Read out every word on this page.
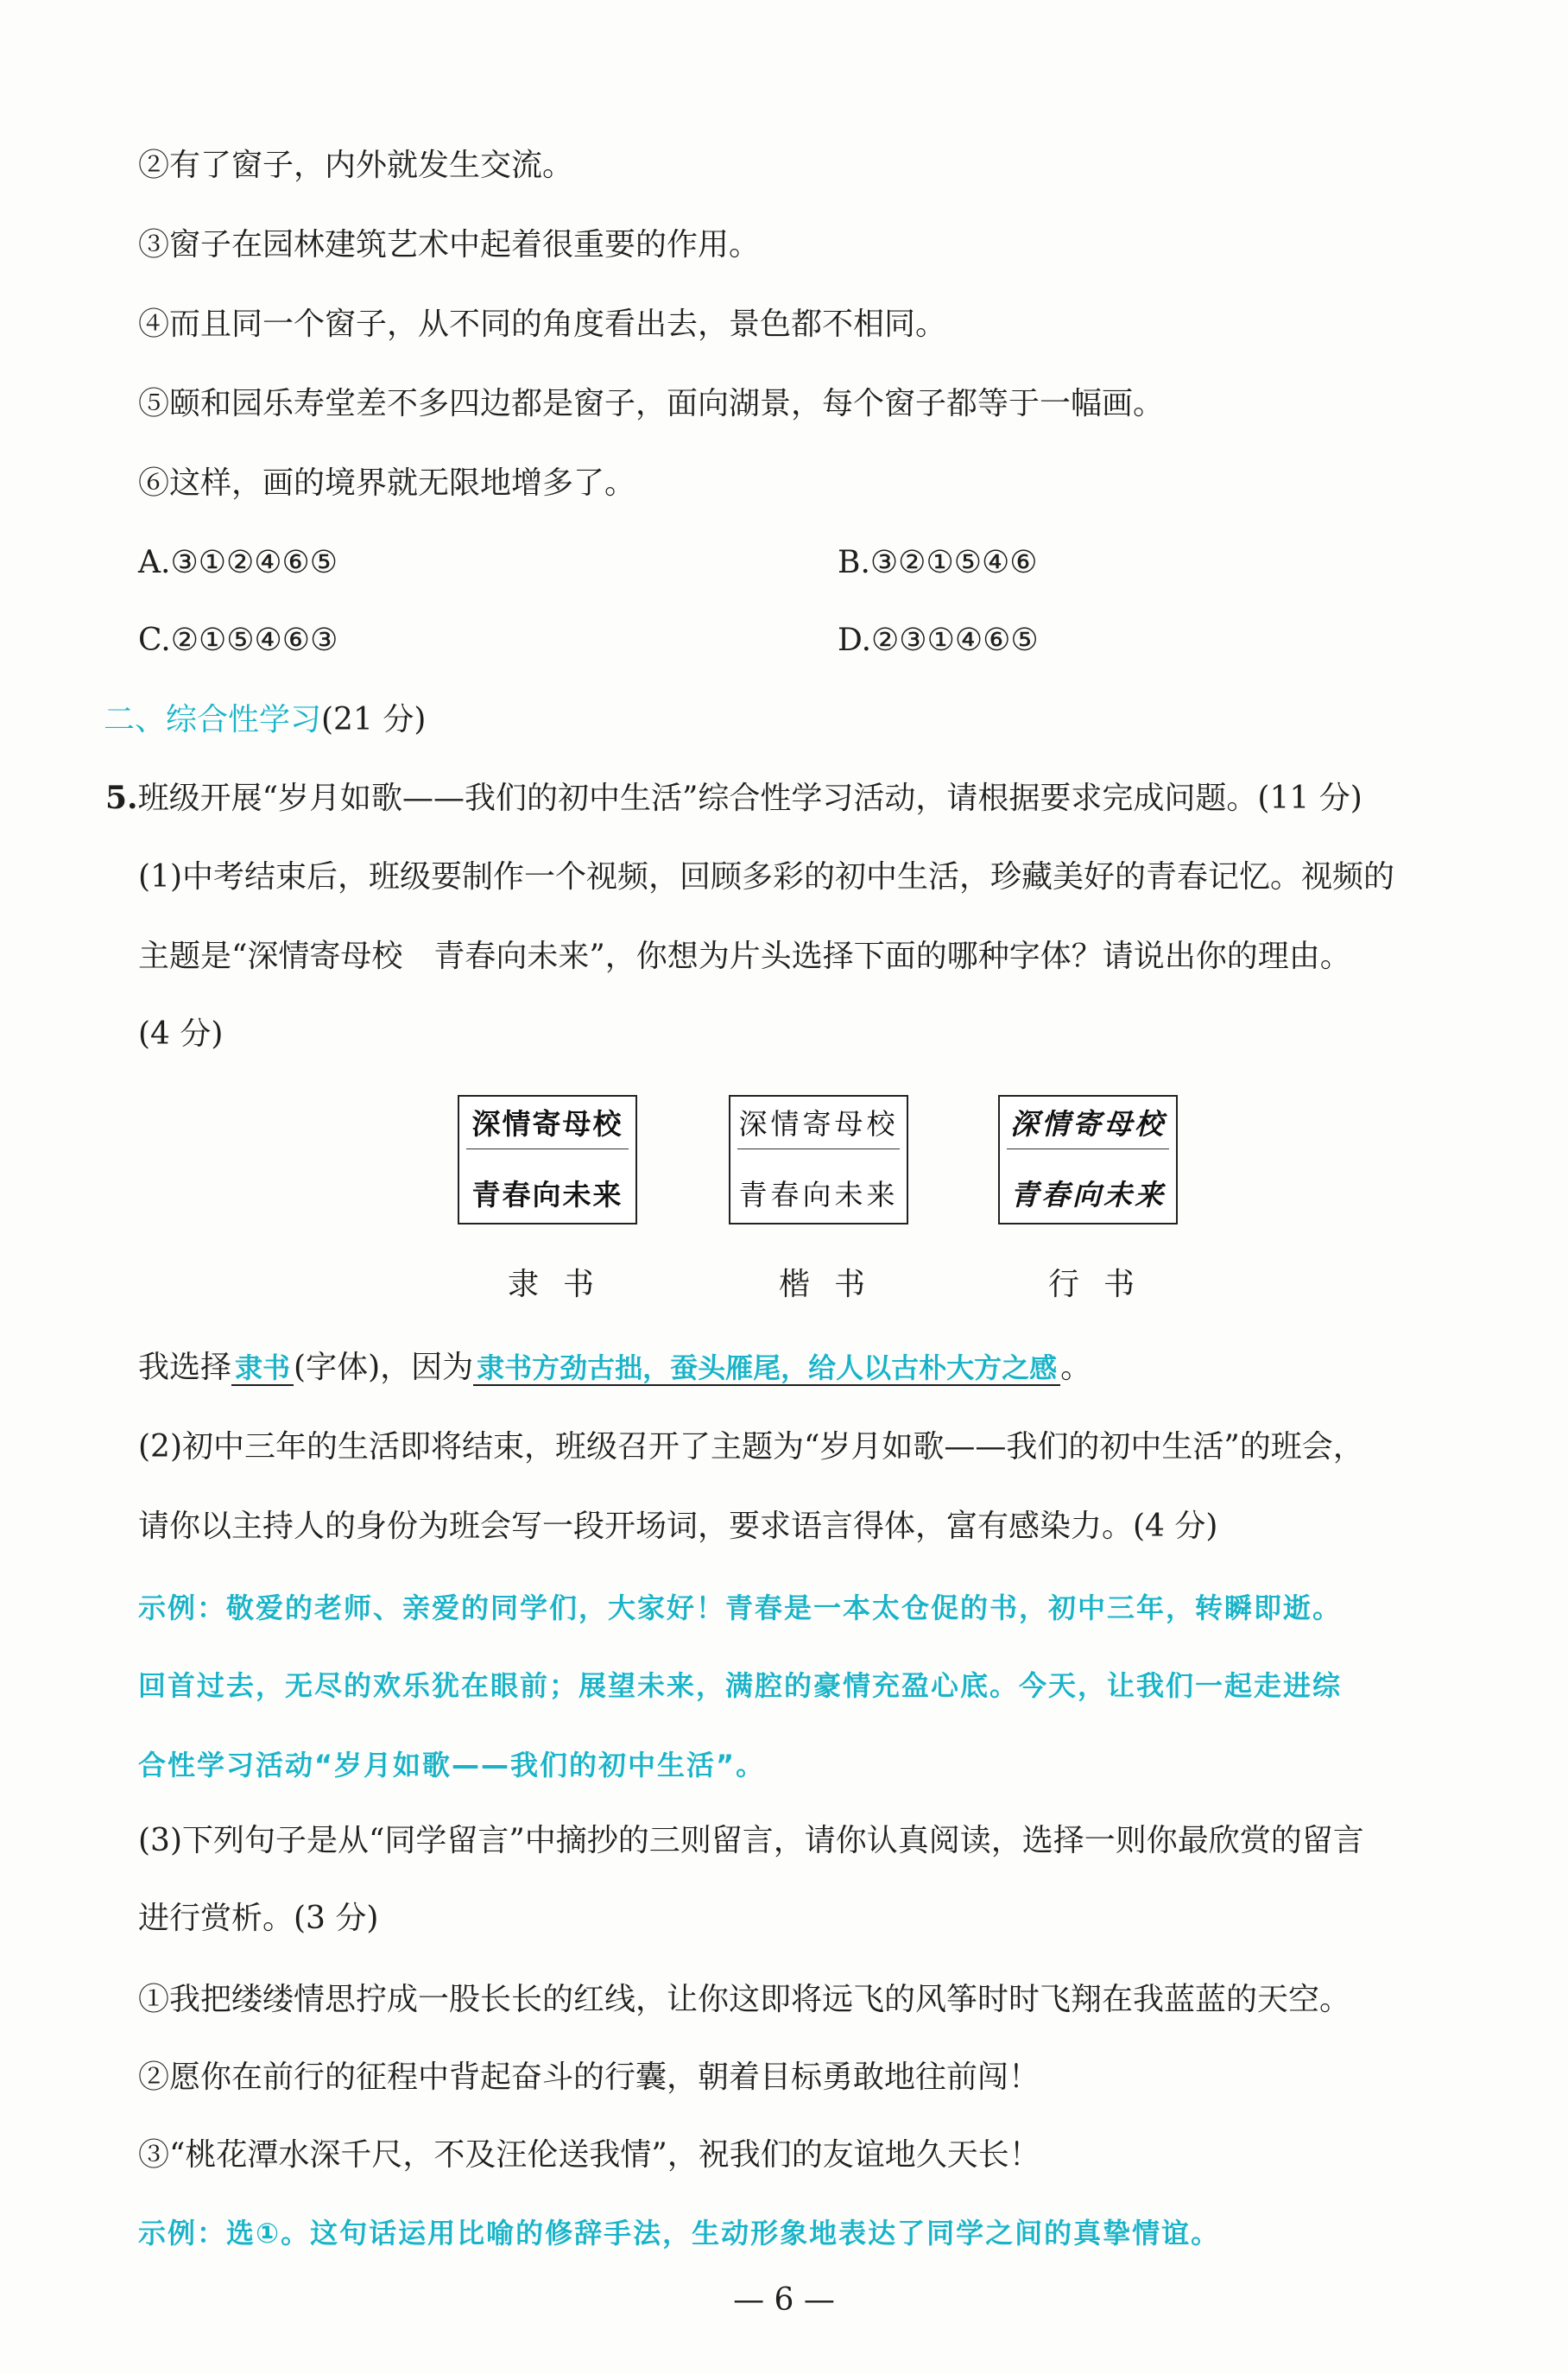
②有了窗子，内外就发生交流。
③窗子在园林建筑艺术中起着很重要的作用。
④而且同一个窗子，从不同的角度看出去，景色都不相同。
⑤颐和园乐寿堂差不多四边都是窗子，面向湖景，每个窗子都等于一幅画。
⑥这样，画的境界就无限地增多了。
A.③①②④⑥⑤	B.③②①⑤④⑥
C.②①⑤④⑥③	D.②③①④⑥⑤
二、综合性学习(21 分)
5.班级开展“岁月如歌——我们的初中生活”综合性学习活动，请根据要求完成问题。(11 分)
(1)中考结束后，班级要制作一个视频，回顾多彩的初中生活，珍藏美好的青春记忆。视频的
主题是“深情寄母校　青春向未来”，你想为片头选择下面的哪种字体？请说出你的理由。
(4 分)
深情寄母校
青春向未来
深情寄母校
青春向未来
深情寄母校
青春向未来
隶书	楷书	行书
我选择 隶书 (字体)，因为 隶书方劲古拙，蚕头雁尾，给人以古朴大方之感 。
(2)初中三年的生活即将结束，班级召开了主题为“岁月如歌——我们的初中生活”的班会，
请你以主持人的身份为班会写一段开场词，要求语言得体，富有感染力。(4 分)
示例：敬爱的老师、亲爱的同学们，大家好！青春是一本太仓促的书，初中三年，转瞬即逝。
回首过去，无尽的欢乐犹在眼前；展望未来，满腔的豪情充盈心底。今天，让我们一起走进综
合性学习活动“岁月如歌——我们的初中生活”。
(3)下列句子是从“同学留言”中摘抄的三则留言，请你认真阅读，选择一则你最欣赏的留言
进行赏析。(3 分)
①我把缕缕情思拧成一股长长的红线，让你这即将远飞的风筝时时飞翔在我蓝蓝的天空。
②愿你在前行的征程中背起奋斗的行囊，朝着目标勇敢地往前闯！
③“桃花潭水深千尺，不及汪伦送我情”，祝我们的友谊地久天长！
示例：选①。这句话运用比喻的修辞手法，生动形象地表达了同学之间的真挚情谊。
— 6 —
